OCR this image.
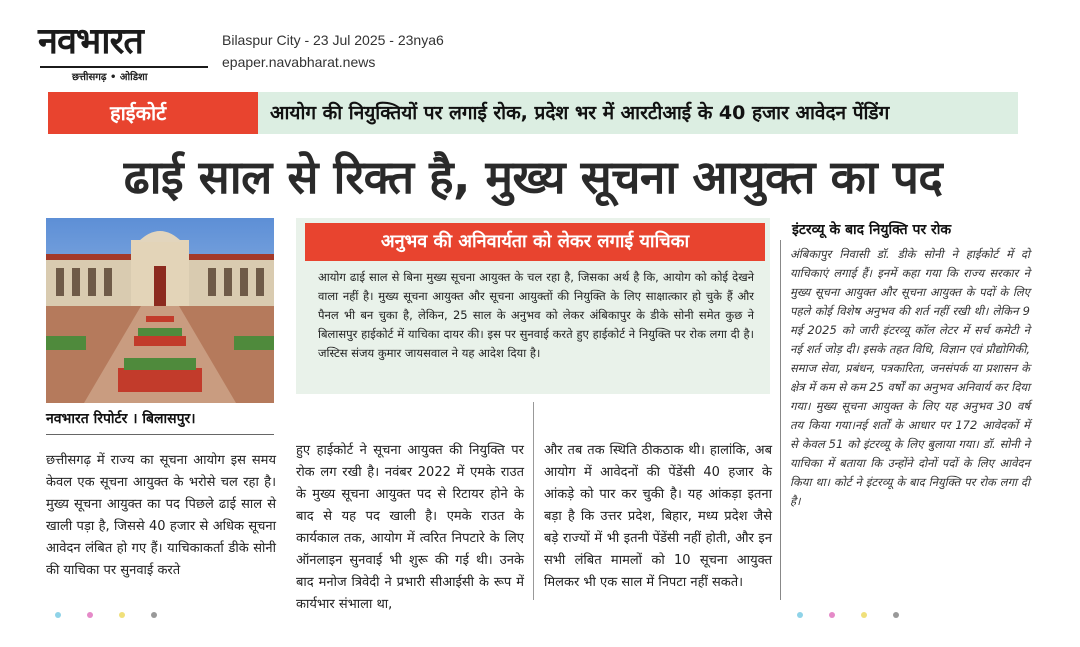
नवभारत
छत्तीसगढ़ • ओडिशा
Bilaspur City - 23 Jul 2025 - 23nya6
epaper.navabharat.news
हाईकोर्ट	आयोग की नियुक्तियों पर लगाई रोक, प्रदेश भर में आरटीआई के 40 हजार आवेदन पेंडिंग
ढाई साल से रिक्त है, मुख्य सूचना आयुक्त का पद
नवभारत रिपोर्टर । बिलासपुर।
छत्तीसगढ़ में राज्य का सूचना आयोग इस समय केवल एक सूचना आयुक्त के भरोसे चल रहा है। मुख्य सूचना आयुक्त का पद पिछले ढाई साल से खाली पड़ा है, जिससे 40 हजार से अधिक सूचना आवेदन लंबित हो गए हैं। याचिकाकर्ता डीके सोनी की याचिका पर सुनवाई करते
अनुभव की अनिवार्यता को लेकर लगाई याचिका
आयोग ढाई साल से बिना मुख्य सूचना आयुक्त के चल रहा है, जिसका अर्थ है कि, आयोग को कोई देखने वाला नहीं है। मुख्य सूचना आयुक्त और सूचना आयुक्तों की नियुक्ति के लिए साक्षात्कार हो चुके हैं और पैनल भी बन चुका है, लेकिन, 25 साल के अनुभव को लेकर अंबिकापुर के डीके सोनी समेत कुछ ने बिलासपुर हाईकोर्ट में याचिका दायर की। इस पर सुनवाई करते हुए हाईकोर्ट ने नियुक्ति पर रोक लगा दी है। जस्टिस संजय कुमार जायसवाल ने यह आदेश दिया है।
हुए हाईकोर्ट ने सूचना आयुक्त की नियुक्ति पर रोक लग रखी है। नवंबर 2022 में एमके राउत के मुख्य सूचना आयुक्त पद से रिटायर होने के बाद से यह पद खाली है। एमके राउत के कार्यकाल तक, आयोग में त्वरित निपटारे के लिए ऑनलाइन सुनवाई भी शुरू की गई थी। उनके बाद मनोज त्रिवेदी ने प्रभारी सीआईसी के रूप में कार्यभार संभाला था,
और तब तक स्थिति ठीकठाक थी। हालांकि, अब आयोग में आवेदनों की पेंडेंसी 40 हजार के आंकड़े को पार कर चुकी है। यह आंकड़ा इतना बड़ा है कि उत्तर प्रदेश, बिहार, मध्य प्रदेश जैसे बड़े राज्यों में भी इतनी पेंडेंसी नहीं होती, और इन सभी लंबित मामलों को 10 सूचना आयुक्त मिलकर भी एक साल में निपटा नहीं सकते।
इंटरव्यू के बाद नियुक्ति पर रोक
अंबिकापुर निवासी डॉ. डीके सोनी ने हाईकोर्ट में दो याचिकाएं लगाई हैं। इनमें कहा गया कि राज्य सरकार ने मुख्य सूचना आयुक्त और सूचना आयुक्त के पदों के लिए पहले कोई विशेष अनुभव की शर्त नहीं रखी थी। लेकिन 9 मई 2025 को जारी इंटरव्यू कॉल लेटर में सर्च कमेटी ने नई शर्त जोड़ दी। इसके तहत विधि, विज्ञान एवं प्रौद्योगिकी, समाज सेवा, प्रबंधन, पत्रकारिता, जनसंपर्क या प्रशासन के क्षेत्र में कम से कम 25 वर्षों का अनुभव अनिवार्य कर दिया गया। मुख्य सूचना आयुक्त के लिए यह अनुभव 30 वर्ष तय किया गया।नई शर्तों के आधार पर 172 आवेदकों में से केवल 51 को इंटरव्यू के लिए बुलाया गया। डॉ. सोनी ने याचिका में बताया कि उन्होंने दोनों पदों के लिए आवेदन किया था। कोर्ट ने इंटरव्यू के बाद नियुक्ति पर रोक लगा दी है।
